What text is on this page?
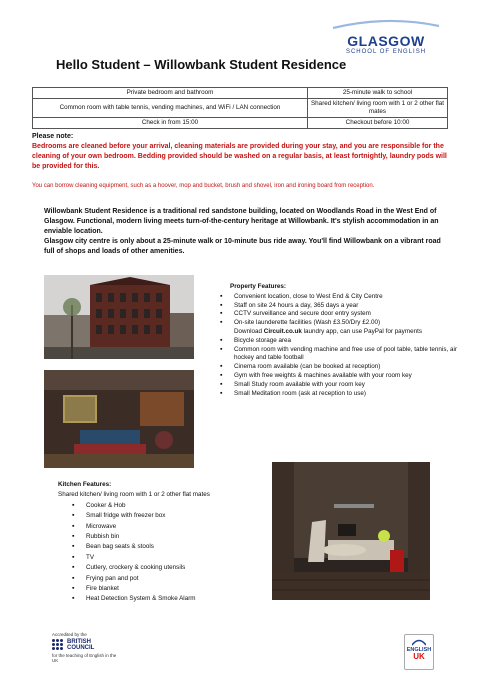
GLASGOW
SCHOOL OF ENGLISH
Hello Student – Willowbank Student Residence
Private bedroom and bathroom	25-minute walk to school
Common room with table tennis, vending machines, and WiFi / LAN connection	Shared kitchen/ living room with 1 or 2 other flat mates
Check in from 15:00	Checkout before 10:00
Please note:
Bedrooms are cleaned before your arrival, cleaning materials are provided during your stay, and you are responsible for the cleaning of your own bedroom. Bedding provided should be washed on a regular basis, at least fortnightly, laundry pods will be provided for this.
You can borrow cleaning equipment, such as a hoover, mop and bucket, brush and shovel, iron and ironing board from reception.

Willowbank Student Residence is a traditional red sandstone building, located on Woodlands Road in the West End of Glasgow. Functional, modern living meets turn-of-the-century heritage at Willowbank. It's stylish accommodation in an enviable location.

Glasgow city centre is only about a 25-minute walk or 10-minute bus ride away. You'll find Willowbank on a vibrant road full of shops and loads of other amenities.

Property Features:
▪ Convenient location, close to West End & City Centre
▪ Staff on site 24 hours a day, 365 days a year
▪ CCTV surveillance and secure door entry system
▪ On-site launderette facilities (Wash £3.50/Dry £2.00)
Download Circuit.co.uk laundry app, can use PayPal for payments
▪ Bicycle storage area
▪ Common room with vending machine and free use of pool table, table tennis, air hockey and table football
▪ Cinema room available (can be booked at reception)
▪ Gym with free weights & machines available with your room key
▪ Small Study room available with your room key
▪ Small Meditation room (ask at reception to use)
Kitchen Features:
Shared kitchen/ living room with 1 or 2 other flat mates
▪ Cooker & Hob
▪ Small fridge with freezer box
▪ Microwave
▪ Rubbish bin
▪ Bean bag seats & stools
▪ TV
▪ Cutlery, crockery & cooking utensils
▪ Frying pan and pot
▪ Fire blanket
▪ Heat Detection System & Smoke Alarm
Accredited by the
BRITISH
COUNCIL
for the teaching of English in the UK
ENGLISH
UK
